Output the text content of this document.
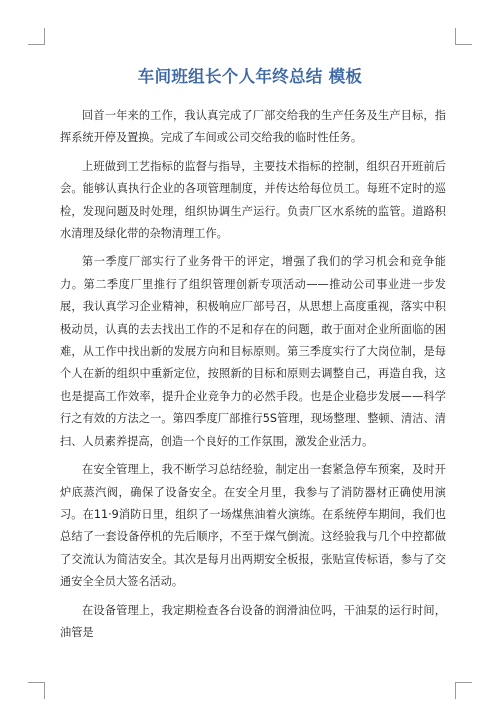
车间班组长个人年终总结 模板

回首一年来的工作，我认真完成了厂部交给我的生产任务及生产目标，指挥系统开停及置换。完成了车间或公司交给我的临时性任务。

上班做到工艺指标的监督与指导，主要技术指标的控制，组织召开班前后会。能够认真执行企业的各项管理制度，并传达给每位员工。每班不定时的巡检，发现问题及时处理，组织协调生产运行。负责厂区水系统的监管。道路积水清理及绿化带的杂物清理工作。

第一季度厂部实行了业务骨干的评定，增强了我们的学习机会和竞争能力。第二季度厂里推行了组织管理创新专项活动——推动公司事业进一步发展，我认真学习企业精神，积极响应厂部号召，从思想上高度重视，落实中积极动员，认真的去去找出工作的不足和存在的问题，敢于面对企业所面临的困难，从工作中找出新的发展方向和目标原则。第三季度实行了大岗位制，是每个人在新的组织中重新定位，按照新的目标和原则去调整自己，再造自我，这也是提高工作效率，提升企业竞争力的必然手段。也是企业稳步发展——科学行之有效的方法之一。第四季度厂部推行5S管理，现场整理、整顿、清洁、清扫、人员素养提高，创造一个良好的工作氛围，激发企业活力。

在安全管理上，我不断学习总结经验，制定出一套紧急停车预案，及时开炉底蒸汽阀，确保了设备安全。在安全月里，我参与了消防器材正确使用演习。在11·9消防日里，组织了一场煤焦油着火演练。在系统停车期间，我们也总结了一套设备停机的先后顺序，不至于煤气倒流。这经验我与几个中控都做了交流认为简洁安全。其次是每月出两期安全板报，张贴宣传标语，参与了交通安全全员大签名活动。

在设备管理上，我定期检查各台设备的润滑油位吗，干油泵的运行时间，油管是
